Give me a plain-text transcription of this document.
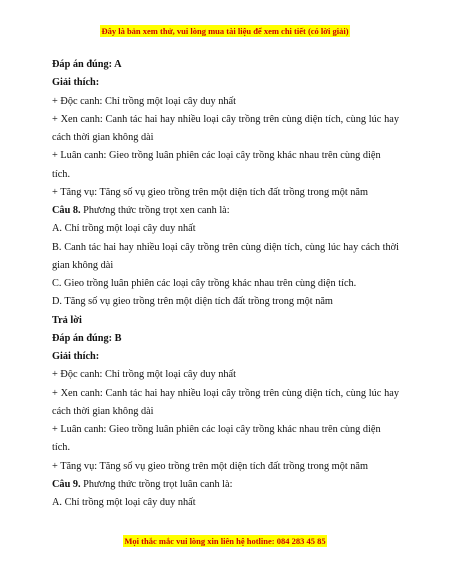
Đây là bản xem thử, vui lòng mua tài liệu để xem chi tiết (có lời giải)

Đáp án đúng: A

Giải thích:

+ Độc canh: Chỉ trồng một loại cây duy nhất

+ Xen canh: Canh tác hai hay nhiều loại cây trồng trên cùng diện tích, cùng lúc hay cách thời gian không dài

+ Luân canh: Gieo trồng luân phiên các loại cây trồng khác nhau trên cùng diện tích.

+ Tăng vụ: Tăng số vụ gieo trồng trên một diện tích đất trồng trong một năm

Câu 8. Phương thức trồng trọt xen canh là:

A. Chỉ trồng một loại cây duy nhất

B. Canh tác hai hay nhiều loại cây trồng trên cùng diện tích, cùng lúc hay cách thời gian không dài

C. Gieo trồng luân phiên các loại cây trồng khác nhau trên cùng diện tích.

D. Tăng số vụ gieo trồng trên một diện tích đất trồng trong một năm

Trả lời

Đáp án đúng: B

Giải thích:

+ Độc canh: Chỉ trồng một loại cây duy nhất

+ Xen canh: Canh tác hai hay nhiều loại cây trồng trên cùng diện tích, cùng lúc hay cách thời gian không dài

+ Luân canh: Gieo trồng luân phiên các loại cây trồng khác nhau trên cùng diện tích.

+ Tăng vụ: Tăng số vụ gieo trồng trên một diện tích đất trồng trong một năm

Câu 9. Phương thức trồng trọt luân canh là:

A. Chỉ trồng một loại cây duy nhất

Mọi thắc mắc vui lòng xin liên hệ hotline: 084 283 45 85
